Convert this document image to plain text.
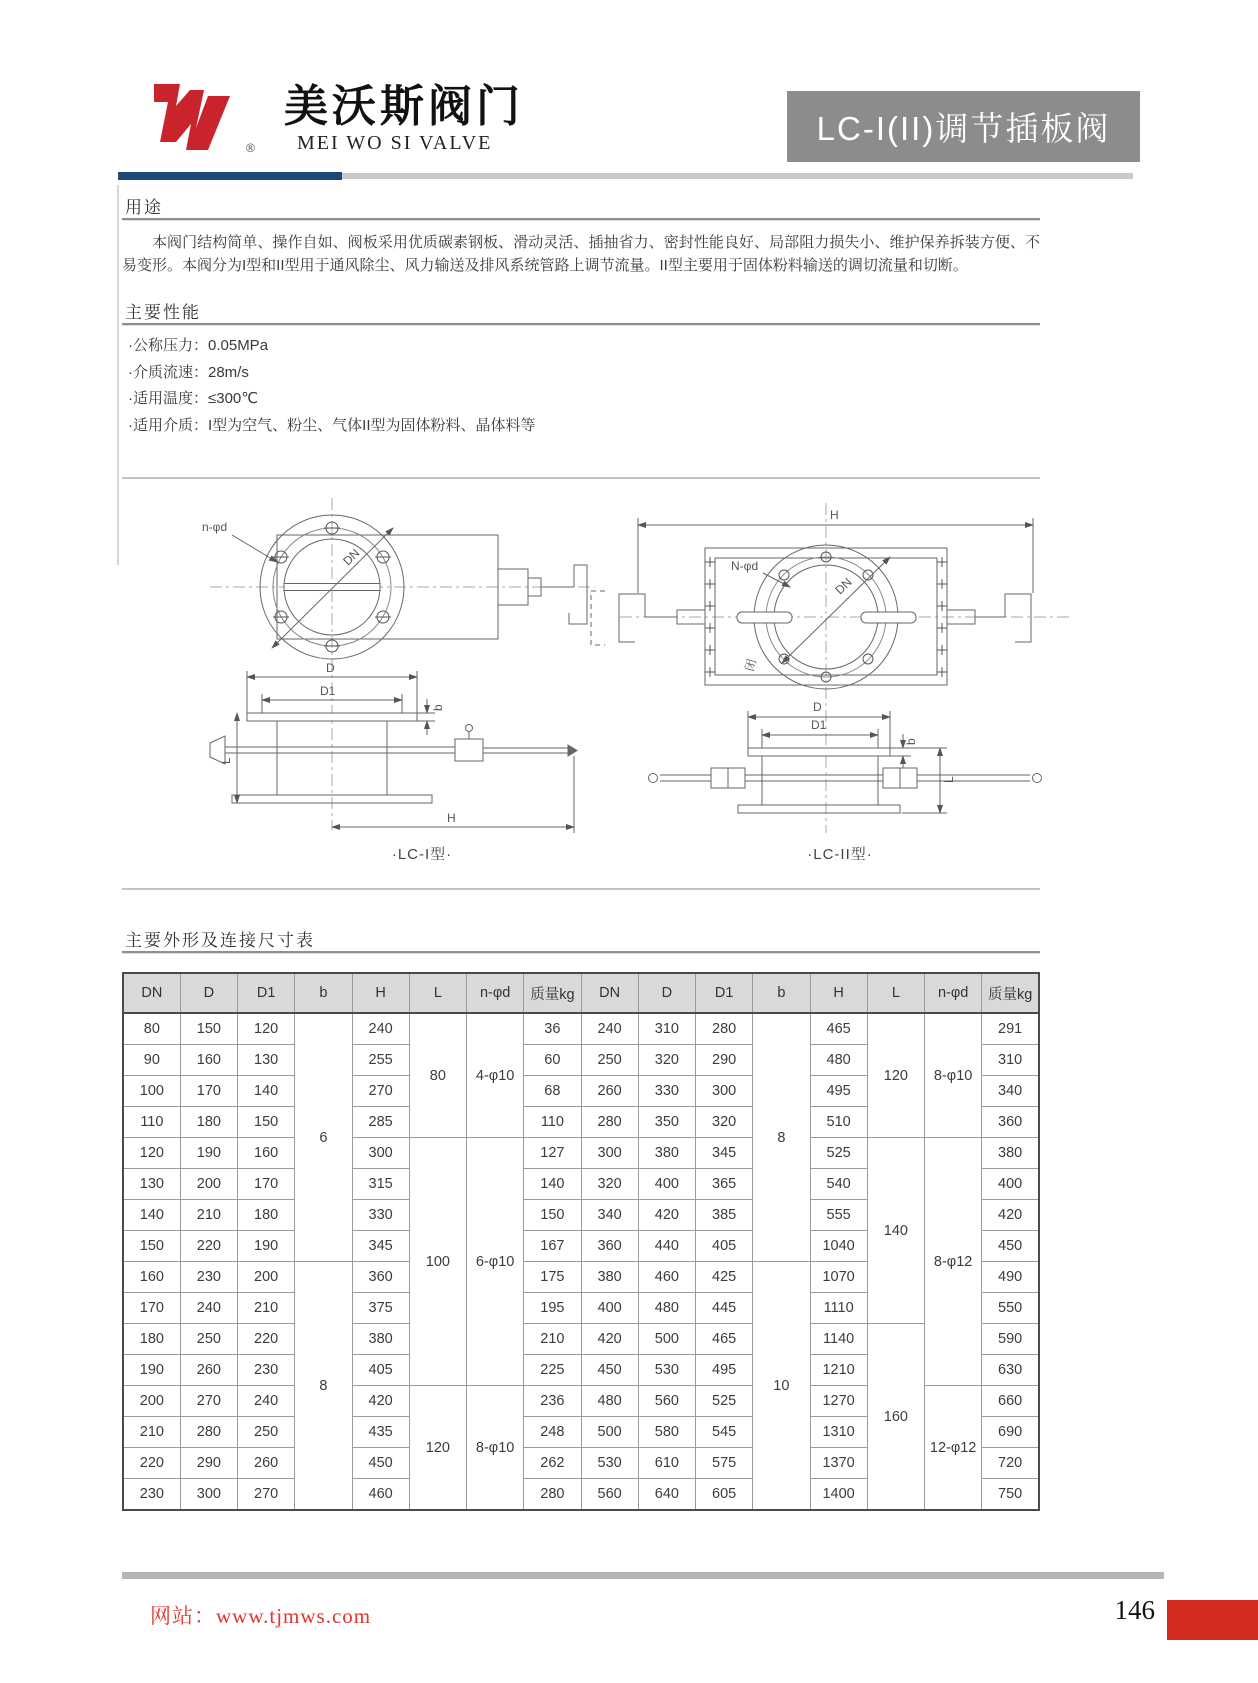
®
美沃斯阀门
MEI WO SI VALVE	LC-I(II)调节插板阀
用途
本阀门结构简单、操作自如、阀板采用优质碳素钢板、滑动灵活、插抽省力、密封性能良好、局部阻力损失小、维护保养拆装方便、不易变形。本阀分为I型和II型用于通风除尘、风力输送及排风系统管路上调节流量。II型主要用于固体粉料输送的调切流量和切断。
主要性能
·公称压力：0.05MPa
·介质流速：28m/s
·适用温度：≤300℃
·适用介质：I型为空气、粉尘、气体II型为固体粉料、晶体料等
n-φd
DN
D
D1
b
L
H
H
N-φd
DN
闭
D
D1
b
L
·LC-I型·	·LC-II型·
主要外形及连接尺寸表
DN	D	D1	b	H	L	n-φd	质量kg	DN	D	D1	b	H	L	n-φd	质量kg
80	150	120	6	240	80	4-φ10	36	240	310	280	8	465	120	8-φ10	291
90	160	130		255			60	250	320	290		480			310
100	170	140		270			68	260	330	300		495			340
110	180	150		285			110	280	350	320		510			360
120	190	160		300	100	6-φ10	127	300	380	345		525	140	8-φ12	380
130	200	170		315			140	320	400	365		540			400
140	210	180		330			150	340	420	385		555			420
150	220	190		345			167	360	440	405		1040			450
160	230	200	8	360			175	380	460	425	10	1070			490
170	240	210		375			195	400	480	445		1110			550
180	250	220		380			210	420	500	465		1140	160		590
190	260	230		405			225	450	530	495		1210			630
200	270	240		420	120	8-φ10	236	480	560	525		1270		12-φ12	660
210	280	250		435			248	500	580	545		1310			690
220	290	260		450			262	530	610	575		1370			720
230	300	270		460			280	560	640	605		1400			750
网站：www.tjmws.com	146
